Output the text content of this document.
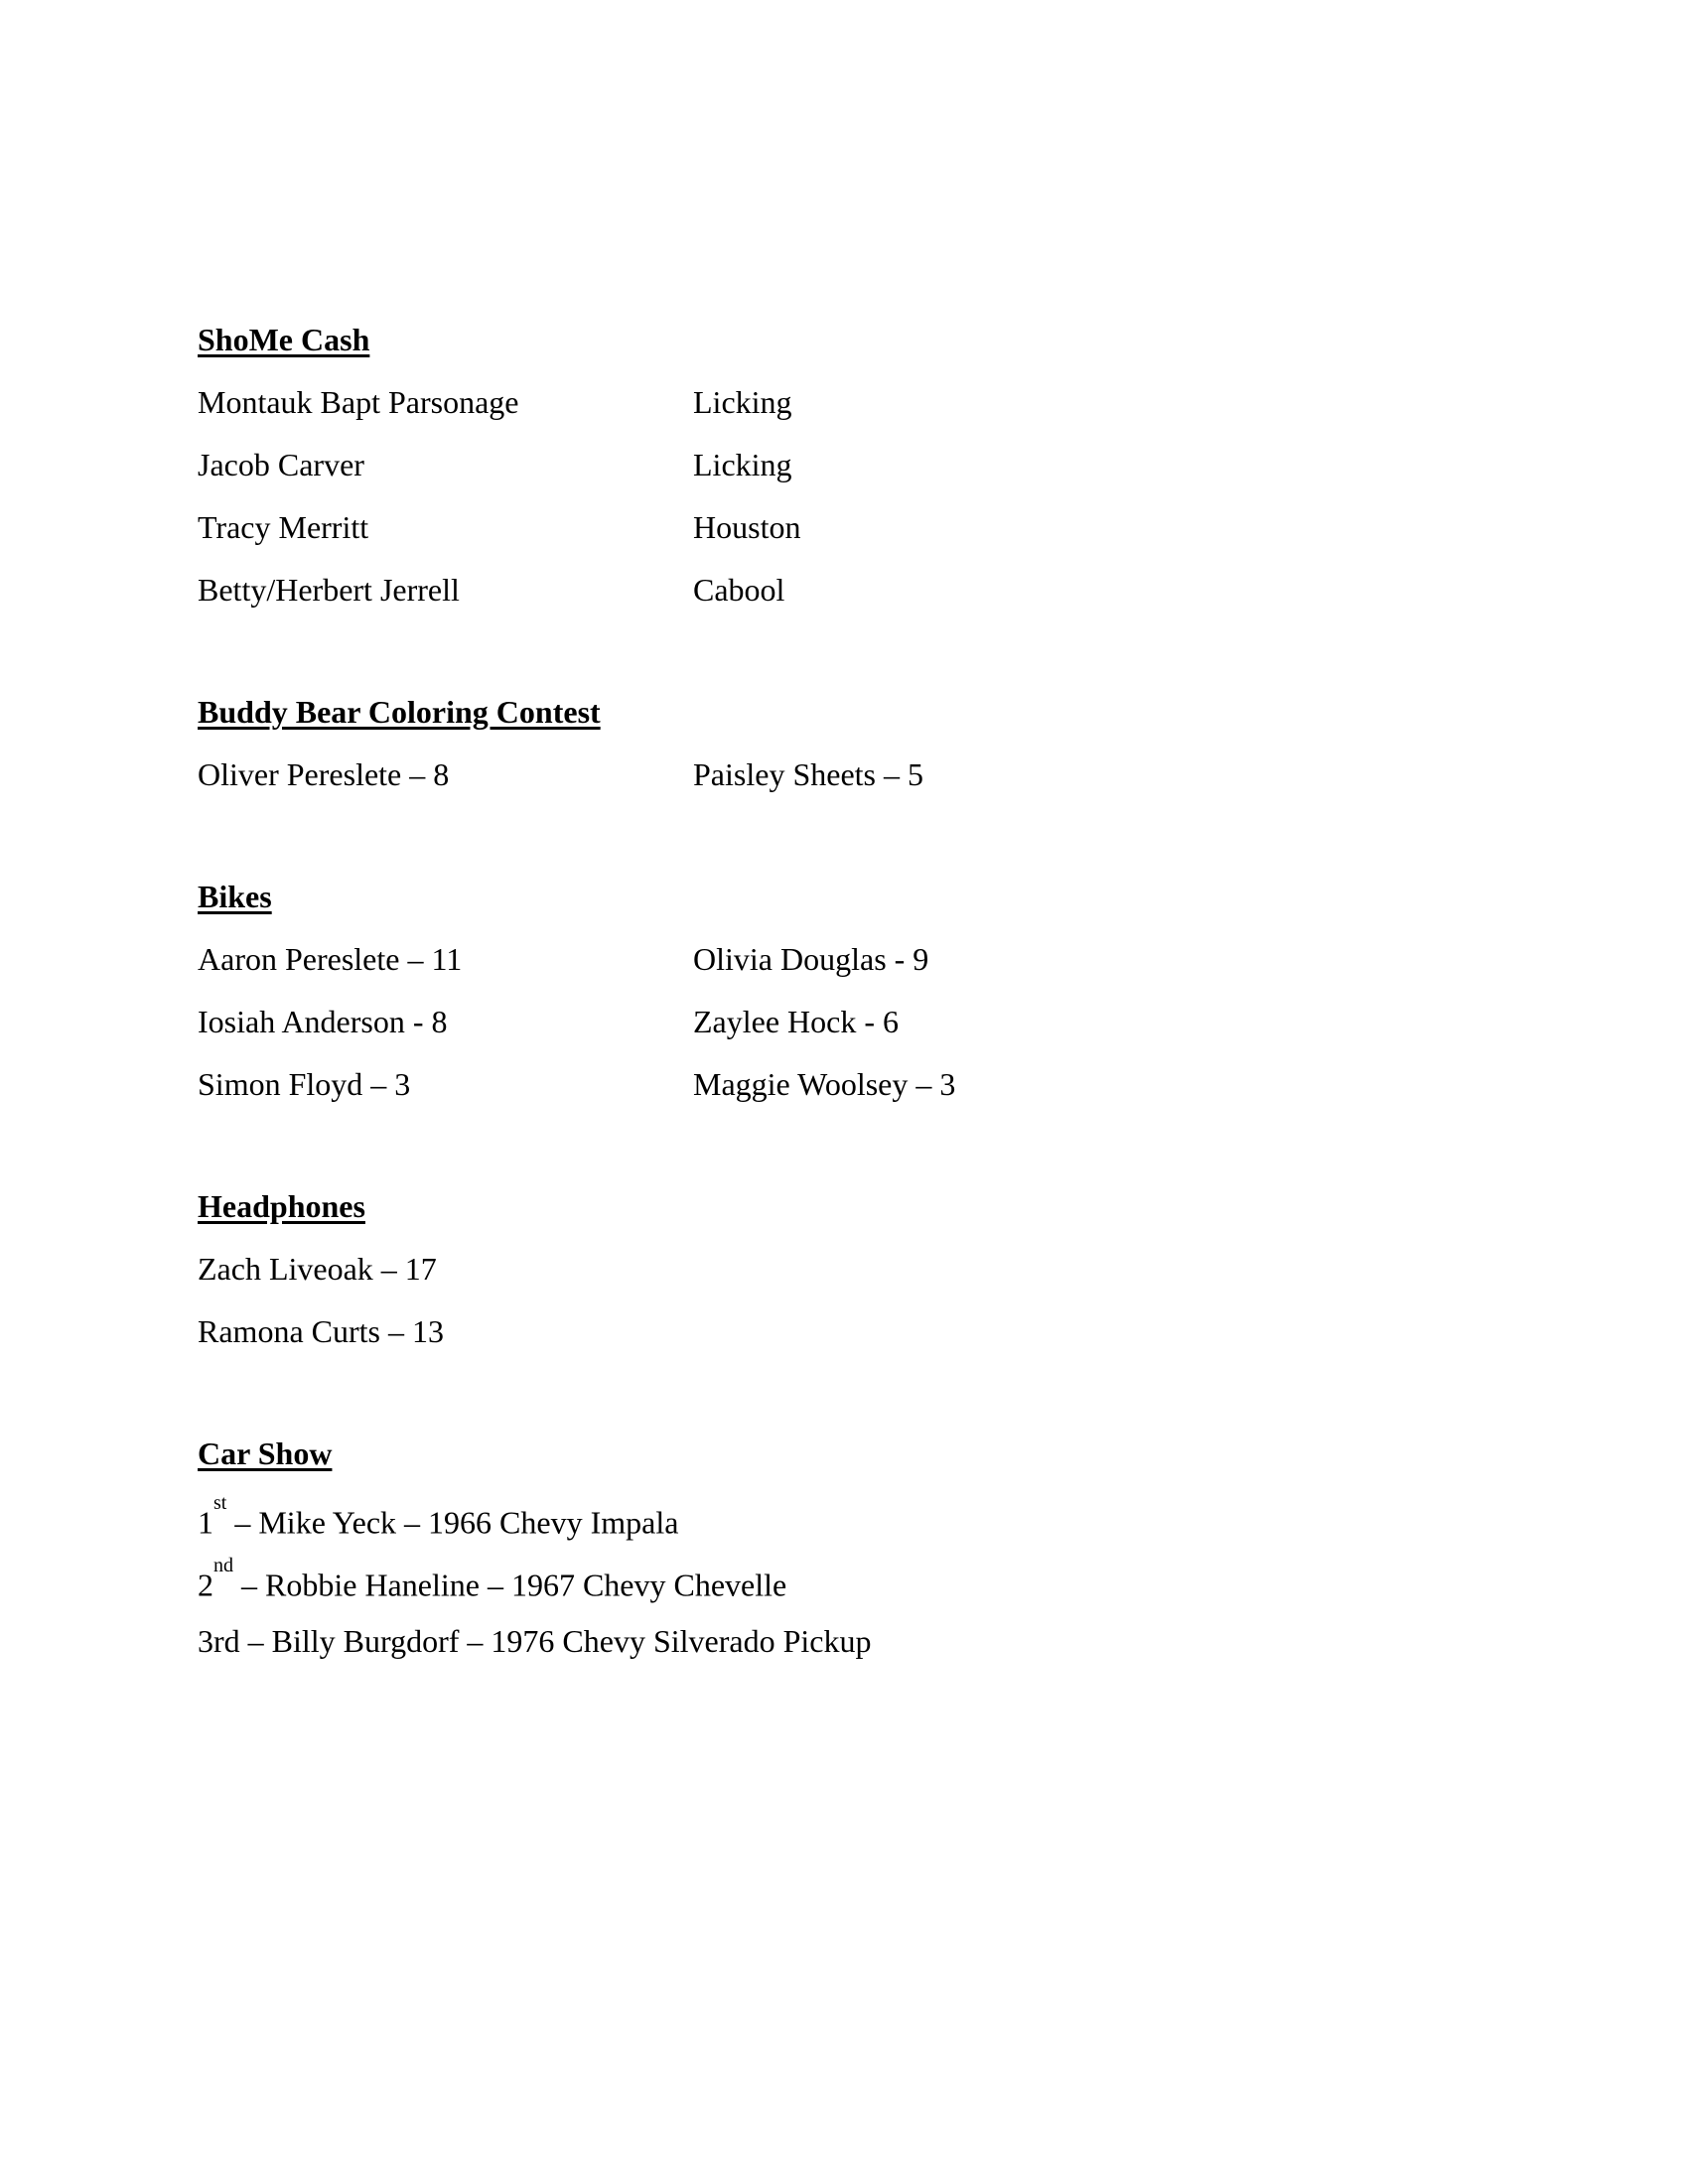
ShoMe Cash
Montauk Bapt Parsonage	Licking
Jacob Carver	Licking
Tracy Merritt	Houston
Betty/Herbert Jerrell	Cabool
Buddy Bear Coloring Contest
Oliver Pereslete – 8	Paisley Sheets – 5
Bikes
Aaron Pereslete – 11	Olivia Douglas - 9
Iosiah Anderson - 8	Zaylee Hock - 6
Simon Floyd – 3	Maggie Woolsey – 3
Headphones
Zach Liveoak – 17
Ramona Curts – 13
Car Show
1st – Mike Yeck – 1966 Chevy Impala
2nd – Robbie Haneline – 1967 Chevy Chevelle
3rd – Billy Burgdorf – 1976 Chevy Silverado Pickup
